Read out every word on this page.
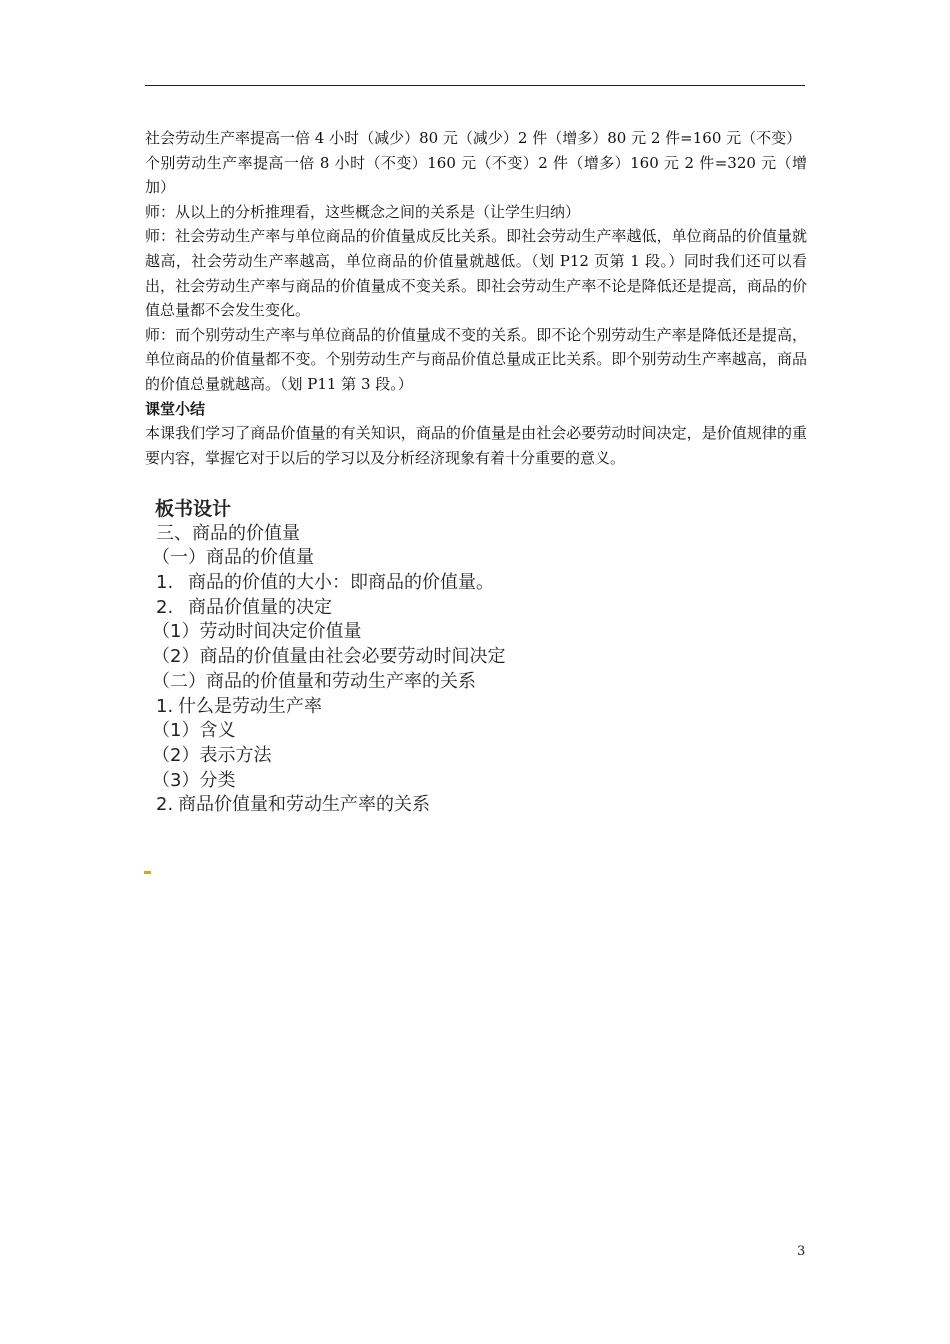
社会劳动生产率提高一倍 4 小时（减少）80 元（减少）2 件（增多）80 元 2 件=160 元（不变）

个别劳动生产率提高一倍 8 小时（不变）160 元（不变）2 件（增多）160 元 2 件=320 元（增加）

师：从以上的分析推理看，这些概念之间的关系是（让学生归纳）

师：社会劳动生产率与单位商品的价值量成反比关系。即社会劳动生产率越低，单位商品的价值量就越高，社会劳动生产率越高，单位商品的价值量就越低。（划 P12 页第 1 段。）同时我们还可以看出，社会劳动生产率与商品的价值量成不变关系。即社会劳动生产率不论是降低还是提高，商品的价值总量都不会发生变化。

师：而个别劳动生产率与单位商品的价值量成不变的关系。即不论个别劳动生产率是降低还是提高，单位商品的价值量都不变。个别劳动生产与商品价值总量成正比关系。即个别劳动生产率越高，商品的价值总量就越高。（划 P11 第 3 段。）

课堂小结

本课我们学习了商品价值量的有关知识，商品的价值量是由社会必要劳动时间决定，是价值规律的重要内容，掌握它对于以后的学习以及分析经济现象有着十分重要的意义。

板书设计
三、商品的价值量
（一）商品的价值量
1. 商品的价值的大小：即商品的价值量。
2. 商品价值量的决定
（1）劳动时间决定价值量
（2）商品的价值量由社会必要劳动时间决定
（二）商品的价值量和劳动生产率的关系
1. 什么是劳动生产率
（1）含义
（2）表示方法
（3）分类
2. 商品价值量和劳动生产率的关系
3
